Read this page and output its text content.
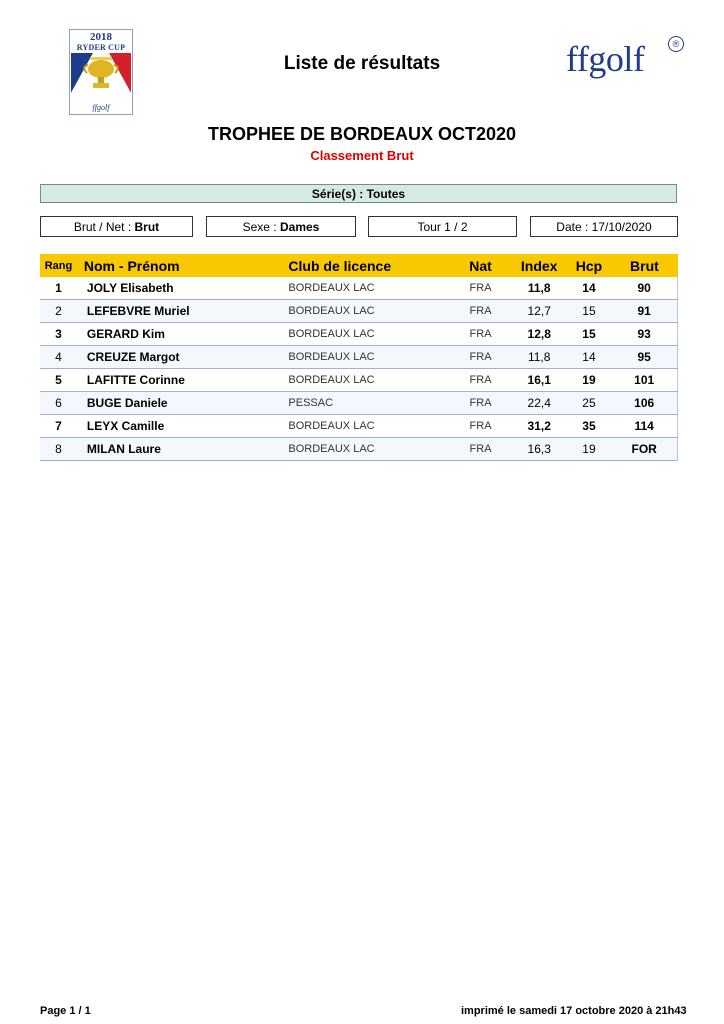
2018
RYDER CUP
ffgolf
Liste de résultats	ffgolf	®
TROPHEE DE BORDEAUX OCT2020
Classement Brut
Série(s) : Toutes
Brut / Net : Brut	Sexe : Dames	Tour 1 / 2	Date : 17/10/2020
Rang	Nom - Prénom	Club de licence	Nat	Index	Hcp	Brut
1	JOLY Elisabeth	BORDEAUX LAC	FRA	11,8	14	90
2	LEFEBVRE Muriel	BORDEAUX LAC	FRA	12,7	15	91
3	GERARD Kim	BORDEAUX LAC	FRA	12,8	15	93
4	CREUZE Margot	BORDEAUX LAC	FRA	11,8	14	95
5	LAFITTE Corinne	BORDEAUX LAC	FRA	16,1	19	101
6	BUGE Daniele	PESSAC	FRA	22,4	25	106
7	LEYX Camille	BORDEAUX LAC	FRA	31,2	35	114
8	MILAN Laure	BORDEAUX LAC	FRA	16,3	19	FOR
Page 1 / 1	imprimé le samedi 17 octobre 2020 à 21h43
